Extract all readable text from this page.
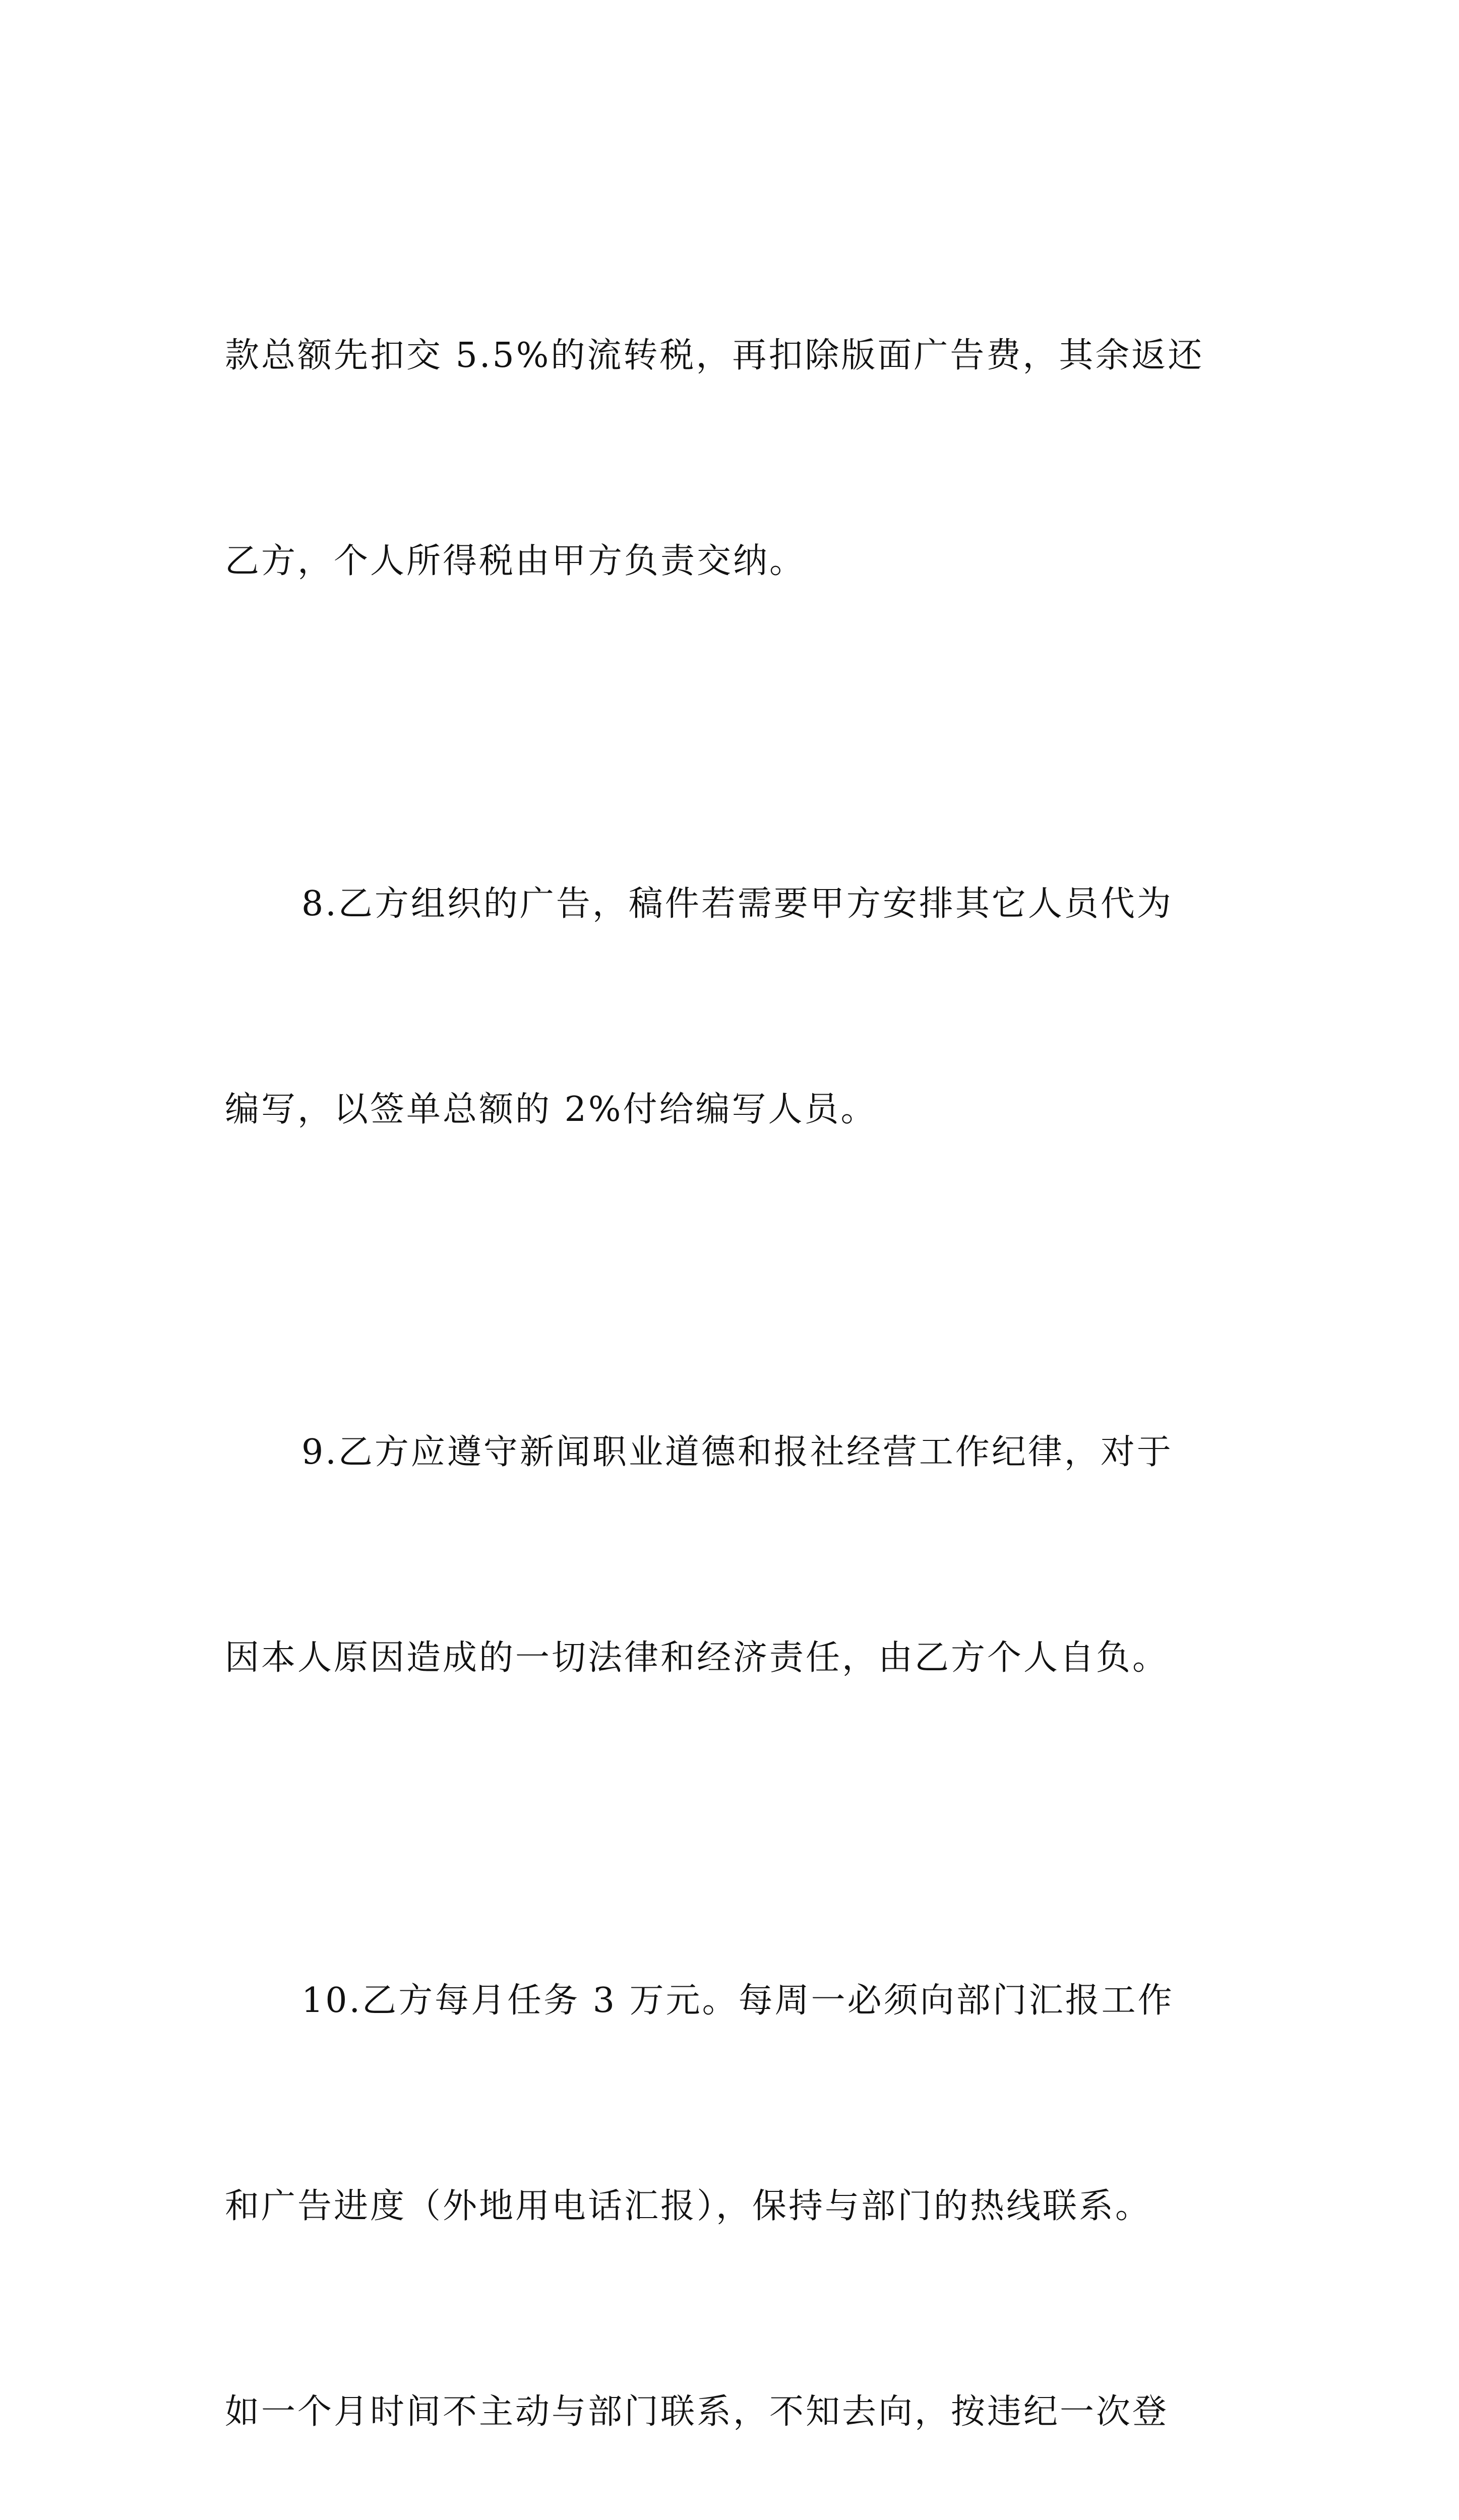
款总额先扣交 5.5%的流转税，再扣除版面广告费，其余返还

乙方，个人所得税由甲方负责交纳。

8.乙方组织的广告，稿件若需要甲方安排其它人员代为

编写，以签单总额的 2%付给编写人员。

9.乙方应遵守新闻职业道德和报社经营工作纪律，对于

因本人原因造成的一切法律和经济责任，由乙方个人自负。

10.乙方每月任务 3 万元。每周一必须向部门汇报工作

和广告进度（外地用电话汇报），保持与部门的热线联系。

如一个月时间不主动与部门联系，不知去向，按违纪一次登
